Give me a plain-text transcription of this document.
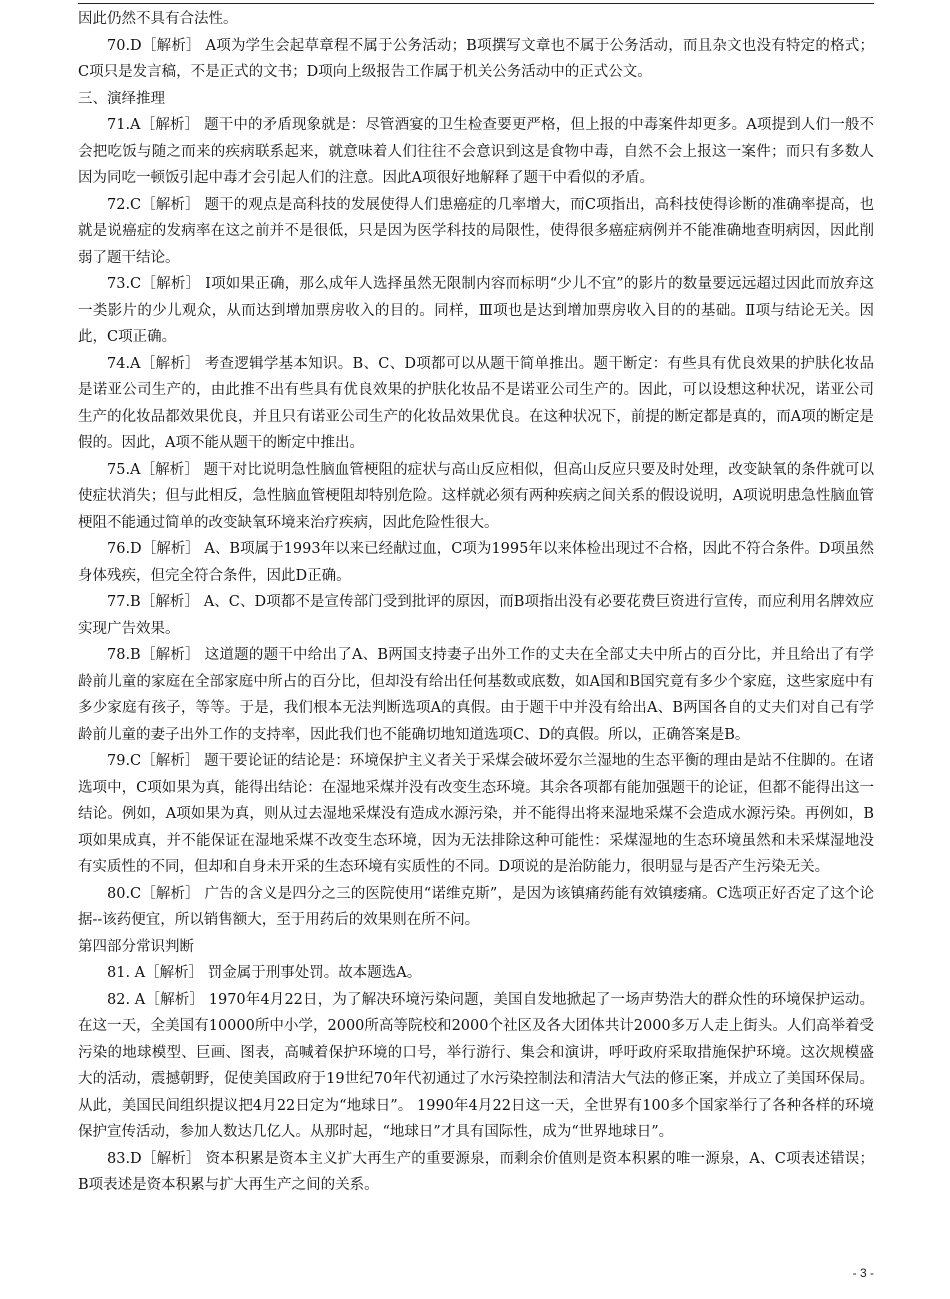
因此仍然不具有合法性。

70.D［解析］ A项为学生会起草章程不属于公务活动；B项撰写文章也不属于公务活动，而且杂文也没有特定的格式；C项只是发言稿，不是正式的文书；D项向上级报告工作属于机关公务活动中的正式公文。

三、演绎推理

71.A［解析］ 题干中的矛盾现象就是：尽管酒宴的卫生检查要更严格，但上报的中毒案件却更多。A项提到人们一般不会把吃饭与随之而来的疾病联系起来，就意味着人们往往不会意识到这是食物中毒，自然不会上报这一案件；而只有多数人因为同吃一顿饭引起中毒才会引起人们的注意。因此A项很好地解释了题干中看似的矛盾。

72.C［解析］ 题干的观点是高科技的发展使得人们患癌症的几率增大，而C项指出，高科技使得诊断的准确率提高，也就是说癌症的发病率在这之前并不是很低，只是因为医学科技的局限性，使得很多癌症病例并不能准确地查明病因，因此削弱了题干结论。

73.C［解析］ Ⅰ项如果正确，那么成年人选择虽然无限制内容而标明“少儿不宜”的影片的数量要远远超过因此而放弃这一类影片的少儿观众，从而达到增加票房收入的目的。同样，Ⅲ项也是达到增加票房收入目的的基础。Ⅱ项与结论无关。因此，C项正确。

74.A［解析］ 考查逻辑学基本知识。B、C、D项都可以从题干简单推出。题干断定：有些具有优良效果的护肤化妆品是诺亚公司生产的，由此推不出有些具有优良效果的护肤化妆品不是诺亚公司生产的。因此，可以设想这种状况，诺亚公司生产的化妆品都效果优良，并且只有诺亚公司生产的化妆品效果优良。在这种状况下，前提的断定都是真的，而A项的断定是假的。因此，A项不能从题干的断定中推出。

75.A［解析］ 题干对比说明急性脑血管梗阻的症状与高山反应相似，但高山反应只要及时处理，改变缺氧的条件就可以使症状消失；但与此相反，急性脑血管梗阻却特别危险。这样就必须有两种疾病之间关系的假设说明，A项说明患急性脑血管梗阻不能通过简单的改变缺氧环境来治疗疾病，因此危险性很大。

76.D［解析］ A、B项属于1993年以来已经献过血，C项为1995年以来体检出现过不合格，因此不符合条件。D项虽然身体残疾，但完全符合条件，因此D正确。

77.B［解析］ A、C、D项都不是宣传部门受到批评的原因，而B项指出没有必要花费巨资进行宣传，而应利用名牌效应实现广告效果。

78.B［解析］ 这道题的题干中给出了A、B两国支持妻子出外工作的丈夫在全部丈夫中所占的百分比，并且给出了有学龄前儿童的家庭在全部家庭中所占的百分比，但却没有给出任何基数或底数，如A国和B国究竟有多少个家庭，这些家庭中有多少家庭有孩子，等等。于是，我们根本无法判断选项A的真假。由于题干中并没有给出A、B两国各自的丈夫们对自己有学龄前儿童的妻子出外工作的支持率，因此我们也不能确切地知道选项C、D的真假。所以，正确答案是B。

79.C［解析］ 题干要论证的结论是：环境保护主义者关于采煤会破坏爱尔兰湿地的生态平衡的理由是站不住脚的。在诸选项中，C项如果为真，能得出结论：在湿地采煤并没有改变生态环境。其余各项都有能加强题干的论证，但都不能得出这一结论。例如，A项如果为真，则从过去湿地采煤没有造成水源污染，并不能得出将来湿地采煤不会造成水源污染。再例如，B项如果成真，并不能保证在湿地采煤不改变生态环境，因为无法排除这种可能性：采煤湿地的生态环境虽然和未采煤湿地没有实质性的不同，但却和自身未开采的生态环境有实质性的不同。D项说的是治防能力，很明显与是否产生污染无关。

80.C［解析］ 广告的含义是四分之三的医院使用“诺维克斯”，是因为该镇痛药能有效镇痿痛。C选项正好否定了这个论据--该药便宜，所以销售额大，至于用药后的效果则在所不问。

第四部分常识判断

81. A［解析］ 罚金属于刑事处罚。故本题选A。

82. A［解析］ 1970年4月22日，为了解决环境污染问题，美国自发地掀起了一场声势浩大的群众性的环境保护运动。在这一天，全美国有10000所中小学，2000所高等院校和2000个社区及各大团体共计2000多万人走上街头。人们高举着受污染的地球模型、巨画、图表，高喊着保护环境的口号，举行游行、集会和演讲，呼吁政府采取措施保护环境。这次规模盛大的活动，震撼朝野，促使美国政府于19世纪70年代初通过了水污染控制法和清洁大气法的修正案，并成立了美国环保局。从此，美国民间组织提议把4月22日定为“地球日”。 1990年4月22日这一天，全世界有100多个国家举行了各种各样的环境保护宣传活动，参加人数达几亿人。从那时起，“地球日”才具有国际性，成为“世界地球日”。

83.D［解析］ 资本积累是资本主义扩大再生产的重要源泉，而剩余价值则是资本积累的唯一源泉，A、C项表述错误；B项表述是资本积累与扩大再生产之间的关系。

- 3 -
